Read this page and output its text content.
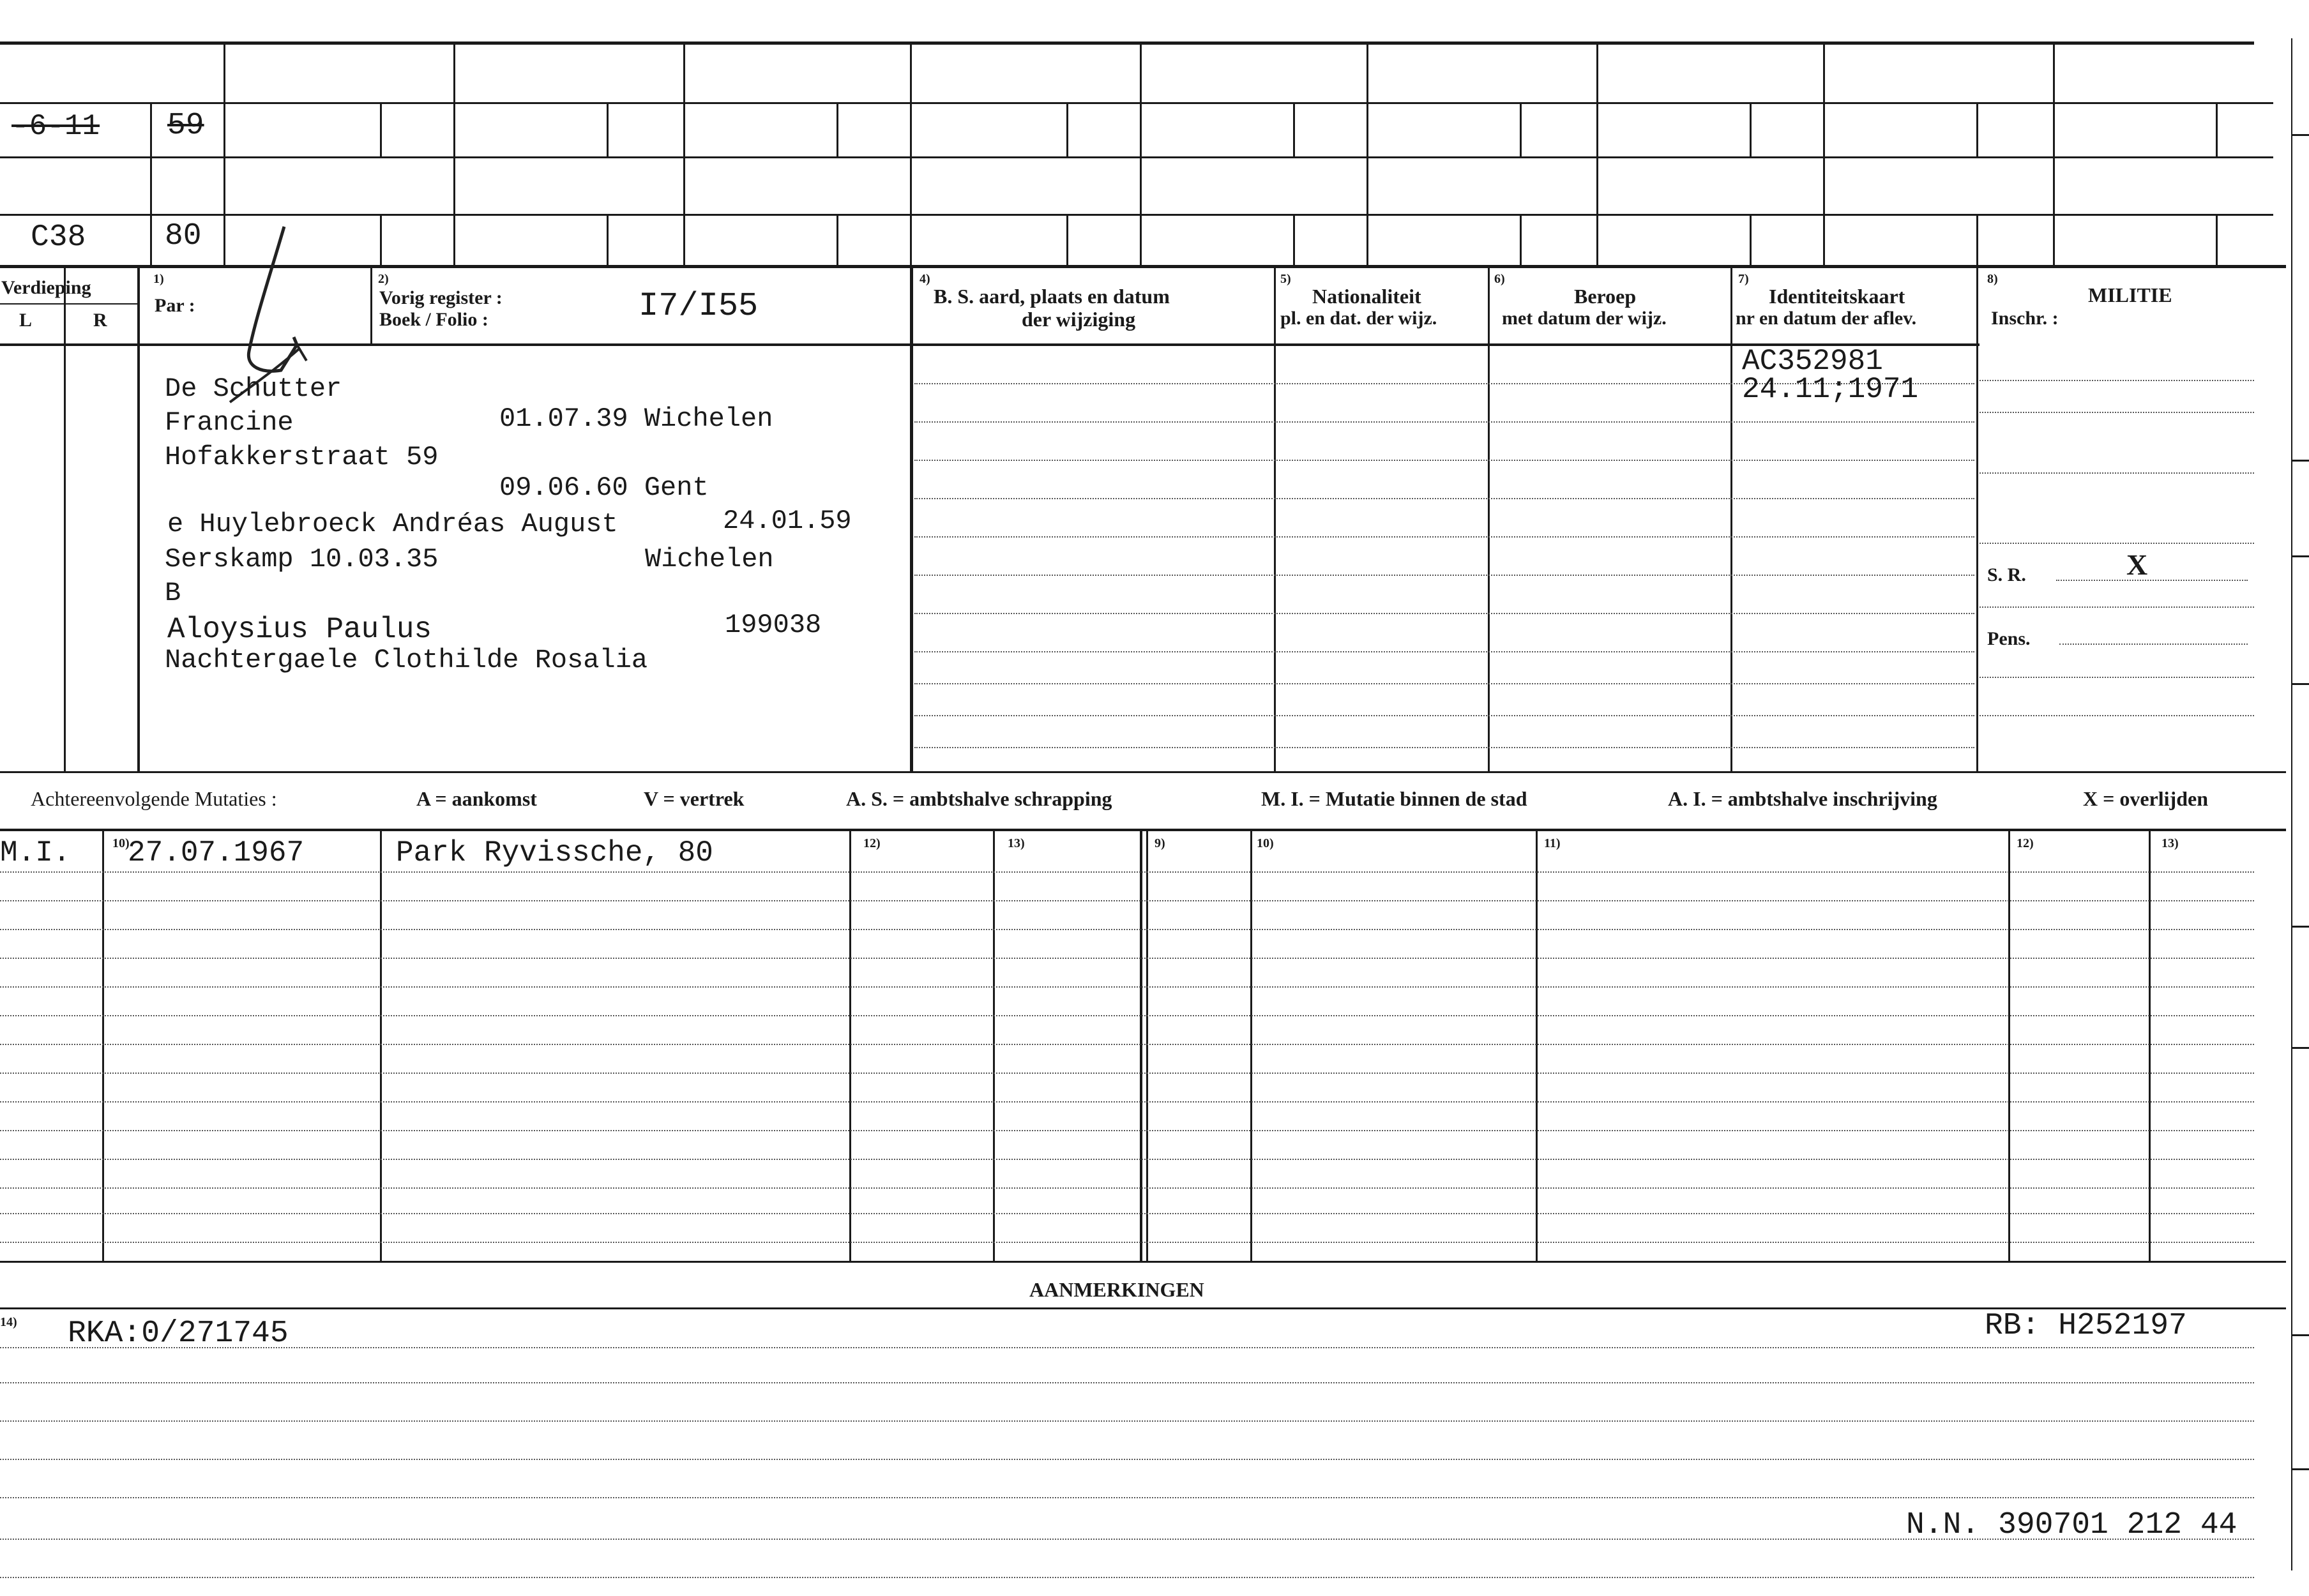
-6-11 59
C38	80
Verdieping
L	R
1)
Par :
2)
Vorig register :
Boek / Folio :	I7/I55
4)
B. S. aard, plaats en datum
der wijziging
5)
Nationaliteit
pl. en dat. der wijz.
6)
Beroep
met datum der wijz.
7)
Identiteitskaart
nr en datum der aflev.
8)
MILITIE
Inschr. :
De Schutter
Francine	01.07.39 Wichelen
Hofakkerstraat 59
09.06.60 Gent
e Huylebroeck Andréas August	24.01.59
Serskamp 10.03.35	Wichelen
B
Aloysius Paulus	199038
Nachtergaele Clothilde Rosalia
AC352981
24.11;1971
S. R.	X
Pens.
Achtereenvolgende Mutaties :	A = aankomst	V = vertrek	A. S. = ambtshalve schrapping	M. I. = Mutatie binnen de stad	A. I. = ambtshalve inschrijving	X = overlijden
12)	13)	9)	10)	11)	12)	13)
10)
M.I. 27.07.1967	Park Ryvissche, 80
AANMERKINGEN
14) RKA:0/271745	RB: H252197
N.N. 390701 212 44
